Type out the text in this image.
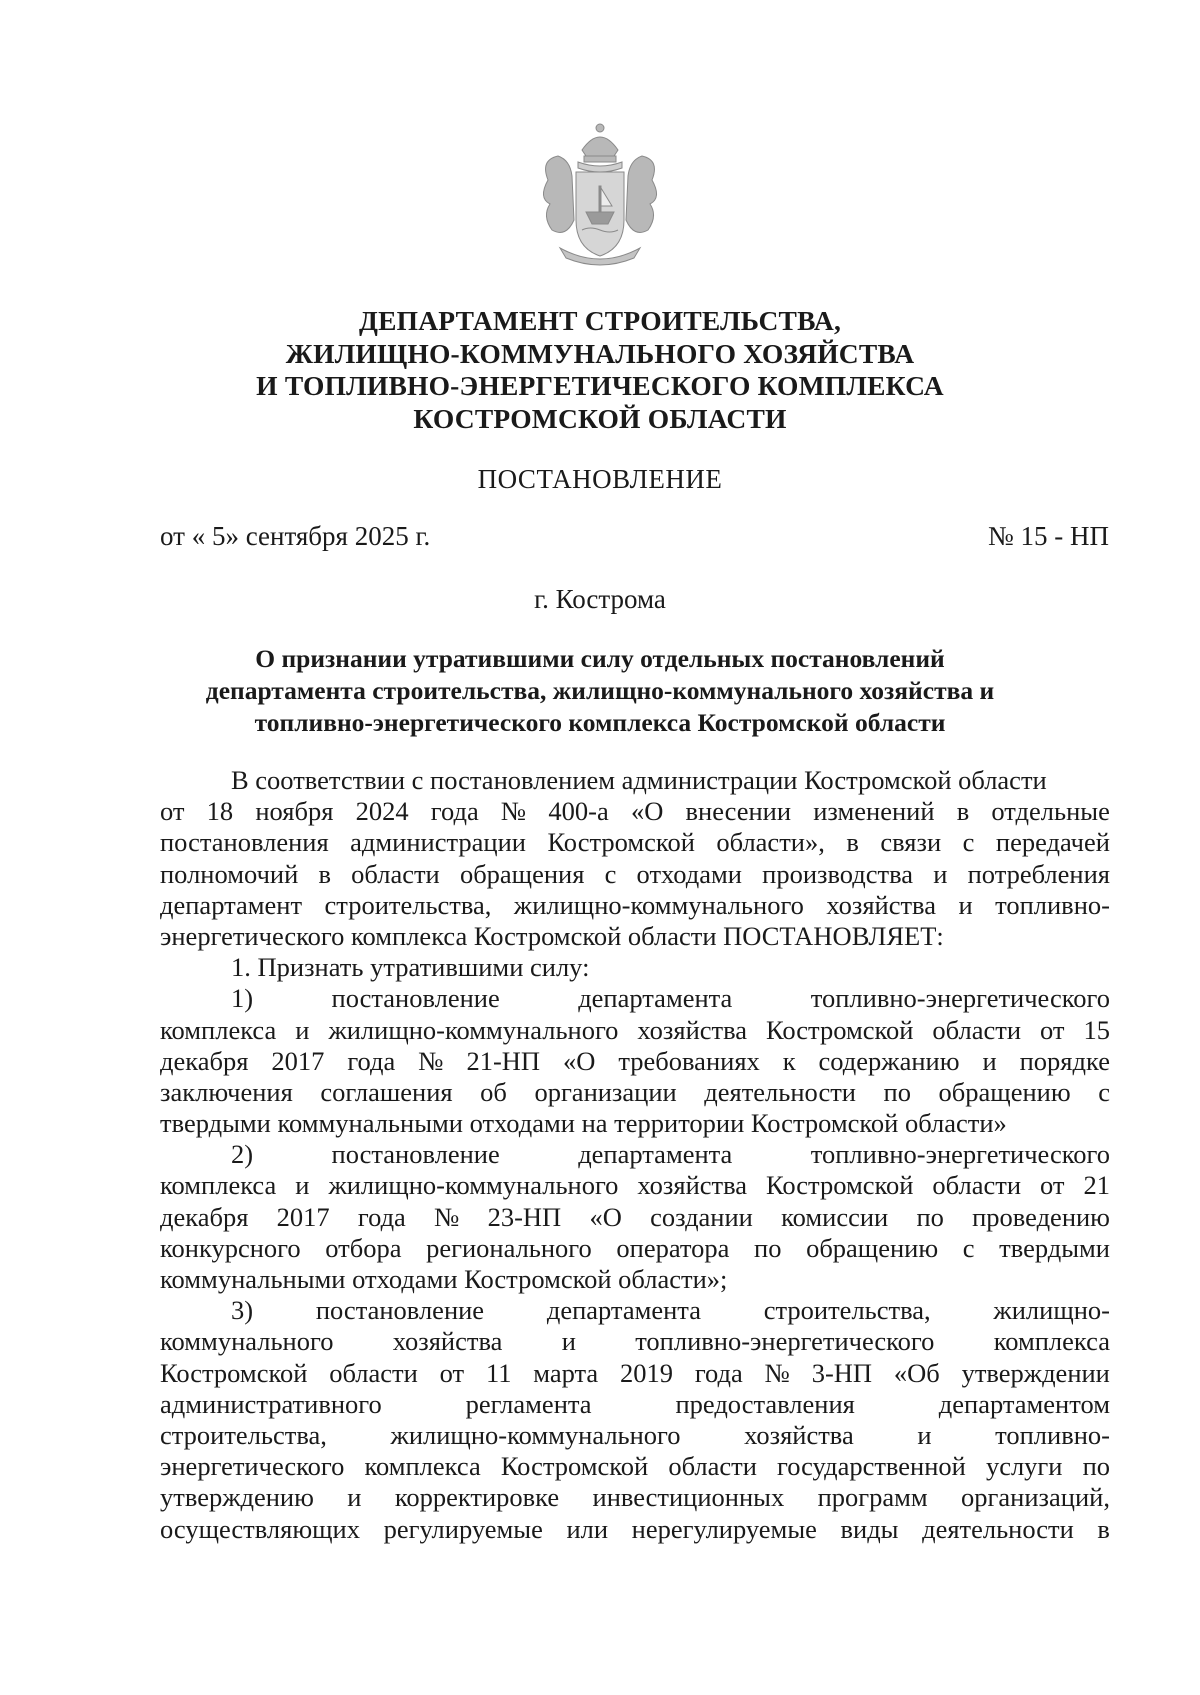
ДЕПАРТАМЕНТ СТРОИТЕЛЬСТВА,
ЖИЛИЩНО-КОММУНАЛЬНОГО ХОЗЯЙСТВА
И ТОПЛИВНО-ЭНЕРГЕТИЧЕСКОГО КОМПЛЕКСА
КОСТРОМСКОЙ ОБЛАСТИ
ПОСТАНОВЛЕНИЕ
от « 5» сентября 2025 г.	№ 15 - НП
г. Кострома
О признании утратившими силу отдельных постановлений
департамента строительства, жилищно-коммунального хозяйства и
топливно-энергетического комплекса Костромской области
В соответствии с постановлением администрации Костромской области
от 18 ноября 2024 года № 400-а «О внесении изменений в отдельные
постановления администрации Костромской области», в связи с передачей
полномочий в области обращения с отходами производства и потребления
департамент строительства, жилищно-коммунального хозяйства и топливно-
энергетического комплекса Костромской области ПОСТАНОВЛЯЕТ:
1. Признать утратившими силу:
1)	постановление	департамента	топливно-энергетического
комплекса и жилищно-коммунального хозяйства Костромской области от 15
декабря 2017 года № 21-НП «О требованиях к содержанию и порядке
заключения соглашения об организации деятельности по обращению с
твердыми коммунальными отходами на территории Костромской области»
2)	постановление	департамента	топливно-энергетического
комплекса и жилищно-коммунального хозяйства Костромской области от 21
декабря 2017 года № 23-НП «О создании комиссии по проведению
конкурсного отбора регионального оператора по обращению с твердыми
коммунальными отходами Костромской области»;
3) постановление департамента строительства, жилищно-
коммунального хозяйства и топливно-энергетического комплекса
Костромской области от 11 марта 2019 года № 3-НП «Об утверждении
административного	регламента	предоставления	департаментом
строительства, жилищно-коммунального хозяйства и топливно-
энергетического комплекса Костромской области государственной услуги по
утверждению и корректировке инвестиционных программ организаций,
осуществляющих регулируемые или нерегулируемые виды деятельности в
